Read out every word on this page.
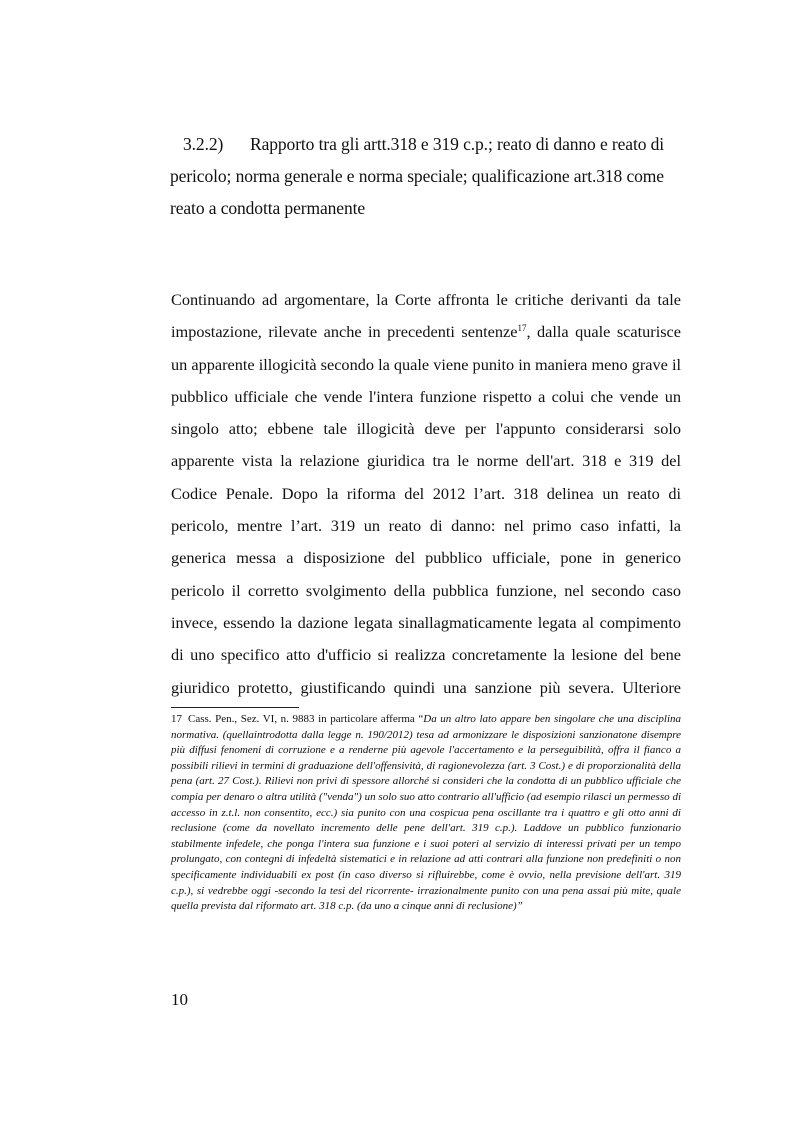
3.2.2) Rapporto tra gli artt.318 e 319 c.p.; reato di danno e reato di pericolo; norma generale e norma speciale; qualificazione art.318 come reato a condotta permanente

Continuando ad argomentare, la Corte affronta le critiche derivanti da tale impostazione, rilevate anche in precedenti sentenze$^{17}$, dalla quale scaturisce un apparente illogicità secondo la quale viene punito in maniera meno grave il pubblico ufficiale che vende l'intera funzione rispetto a colui che vende un singolo atto; ebbene tale illogicità deve per l'appunto considerarsi solo apparente vista la relazione giuridica tra le norme dell'art. 318 e 319 del Codice Penale. Dopo la riforma del 2012 l’art. 318 delinea un reato di pericolo, mentre l’art. 319 un reato di danno: nel primo caso infatti, la generica messa a disposizione del pubblico ufficiale, pone in generico pericolo il corretto svolgimento della pubblica funzione, nel secondo caso invece, essendo la dazione legata sinallagmaticamente legata al compimento di uno specifico atto d'ufficio si realizza concretamente la lesione del bene giuridico protetto, giustificando quindi una sanzione più severa. Ulteriore

17 Cass. Pen., Sez. VI, n. 9883 in particolare afferma “Da un altro lato appare ben singolare che una disciplina normativa. (quellaintrodotta dalla legge n. 190/2012) tesa ad armonizzare le disposizioni sanzionatone disempre più diffusi fenomeni di corruzione e a renderne più agevole l'accertamento e la perseguibilità, offra il fianco a possibili rilievi in termini di graduazione dell'offensività, di ragionevolezza (art. 3 Cost.) e di proporzionalità della pena (art. 27 Cost.). Rilievi non privi di spessore allorché si consideri che la condotta di un pubblico ufficiale che compia per denaro o altra utilità ("venda") un solo suo atto contrario all'ufficio (ad esempio rilasci un permesso di accesso in z.t.l. non consentito, ecc.) sia punito con una cospicua pena oscillante tra i quattro e gli otto anni di reclusione (come da novellato incremento delle pene dell'art. 319 c.p.). Laddove un pubblico funzionario stabilmente infedele, che ponga l'intera sua funzione e i suoi poteri al servizio di interessi privati per un tempo prolungato, con contegni di infedeltà sistematici e in relazione ad atti contrari alla funzione non predefiniti o non specificamente individuabili ex post (in caso diverso si rifluirebbe, come è ovvio, nella previsione dell'art. 319 c.p.), si vedrebbe oggi -secondo la tesi del ricorrente- irrazionalmente punito con una pena assai più mite, quale quella prevista dal riformato art. 318 c.p. (da uno a cinque anni di reclusione)”

10
